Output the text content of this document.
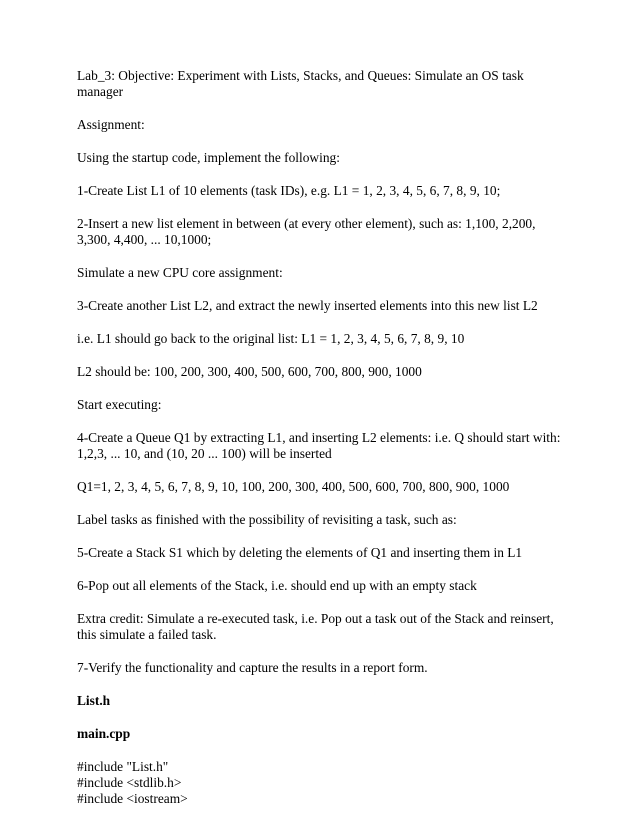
Lab_3: Objective: Experiment with Lists, Stacks, and Queues: Simulate an OS task manager

Assignment:

Using the startup code, implement the following:

1-Create List L1 of 10 elements (task IDs), e.g. L1 = 1, 2, 3, 4, 5, 6, 7, 8, 9, 10;

2-Insert a new list element in between (at every other element), such as: 1,100, 2,200, 3,300, 4,400, ... 10,1000;

Simulate a new CPU core assignment:

3-Create another List L2, and extract the newly inserted elements into this new list L2

i.e. L1 should go back to the original list: L1 = 1, 2, 3, 4, 5, 6, 7, 8, 9, 10

L2 should be: 100, 200, 300, 400, 500, 600, 700, 800, 900, 1000

Start executing:

4-Create a Queue Q1 by extracting L1, and inserting L2 elements: i.e. Q should start with: 1,2,3, ... 10, and (10, 20 ... 100) will be inserted

Q1=1, 2, 3, 4, 5, 6, 7, 8, 9, 10, 100, 200, 300, 400, 500, 600, 700, 800, 900, 1000

Label tasks as finished with the possibility of revisiting a task, such as:

5-Create a Stack S1 which by deleting the elements of Q1 and inserting them in L1

6-Pop out all elements of the Stack, i.e. should end up with an empty stack

Extra credit: Simulate a re-executed task, i.e. Pop out a task out of the Stack and reinsert, this simulate a failed task.

7-Verify the functionality and capture the results in a report form.

List.h

main.cpp

#include "List.h"

#include <stdlib.h>

#include <iostream>
